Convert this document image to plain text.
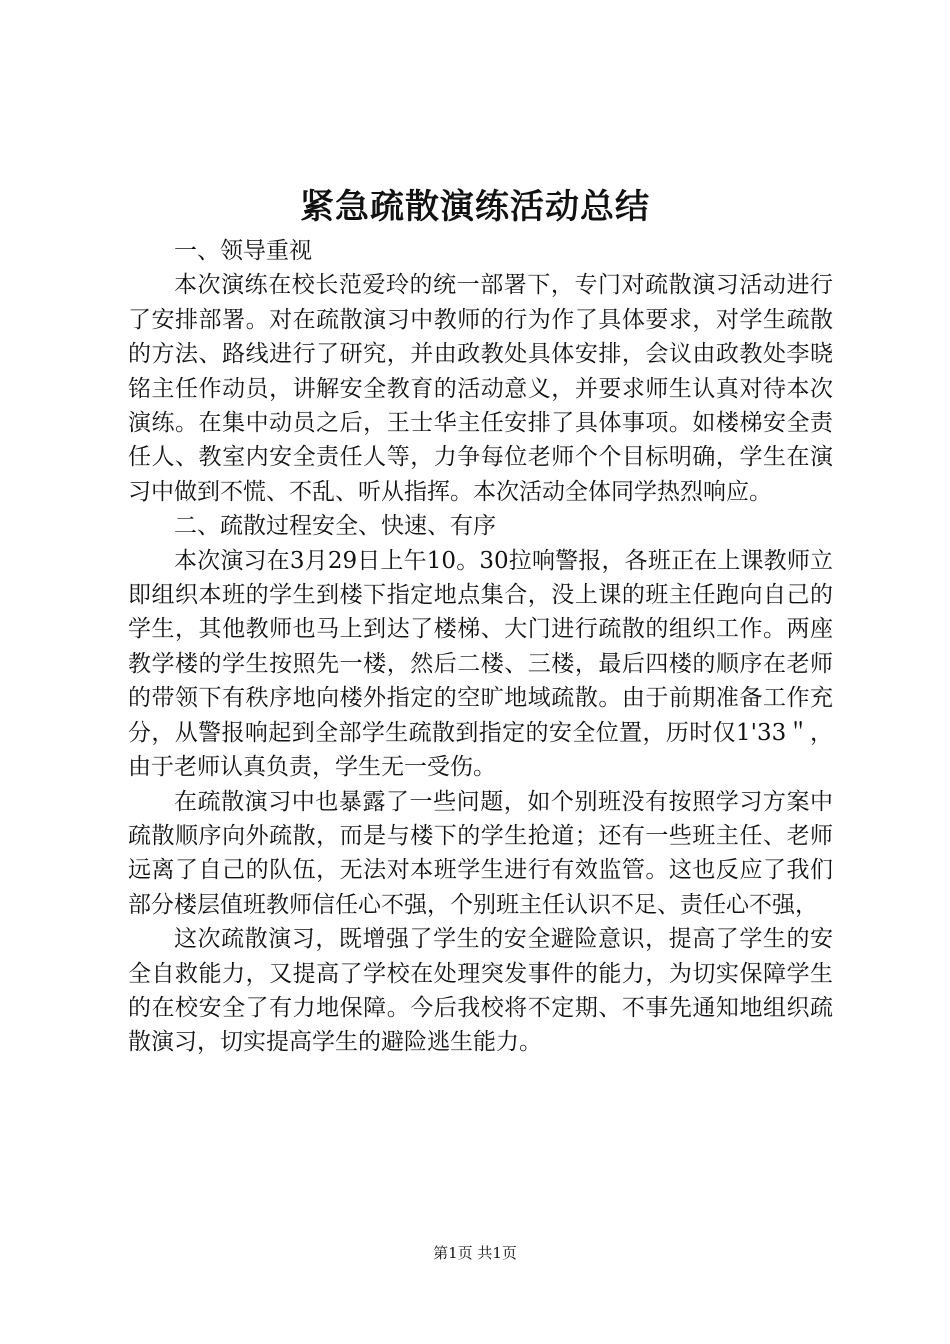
紧急疏散演练活动总结

一、领导重视

本次演练在校长范爱玲的统一部署下，专门对疏散演习活动进行了安排部署。对在疏散演习中教师的行为作了具体要求，对学生疏散的方法、路线进行了研究，并由政教处具体安排，会议由政教处李晓铭主任作动员，讲解安全教育的活动意义，并要求师生认真对待本次演练。在集中动员之后，王士华主任安排了具体事项。如楼梯安全责任人、教室内安全责任人等，力争每位老师个个目标明确，学生在演习中做到不慌、不乱、听从指挥。本次活动全体同学热烈响应。

二、疏散过程安全、快速、有序

本次演习在3月29日上午10。30拉响警报，各班正在上课教师立即组织本班的学生到楼下指定地点集合，没上课的班主任跑向自己的学生，其他教师也马上到达了楼梯、大门进行疏散的组织工作。两座教学楼的学生按照先一楼，然后二楼、三楼，最后四楼的顺序在老师的带领下有秩序地向楼外指定的空旷地域疏散。由于前期准备工作充分，从警报响起到全部学生疏散到指定的安全位置，历时仅1'33＂，由于老师认真负责，学生无一受伤。

在疏散演习中也暴露了一些问题，如个别班没有按照学习方案中疏散顺序向外疏散，而是与楼下的学生抢道；还有一些班主任、老师远离了自己的队伍，无法对本班学生进行有效监管。这也反应了我们部分楼层值班教师信任心不强，个别班主任认识不足、责任心不强，

这次疏散演习，既增强了学生的安全避险意识，提高了学生的安全自救能力，又提高了学校在处理突发事件的能力，为切实保障学生的在校安全了有力地保障。今后我校将不定期、不事先通知地组织疏散演习，切实提高学生的避险逃生能力。

第1页 共1页
